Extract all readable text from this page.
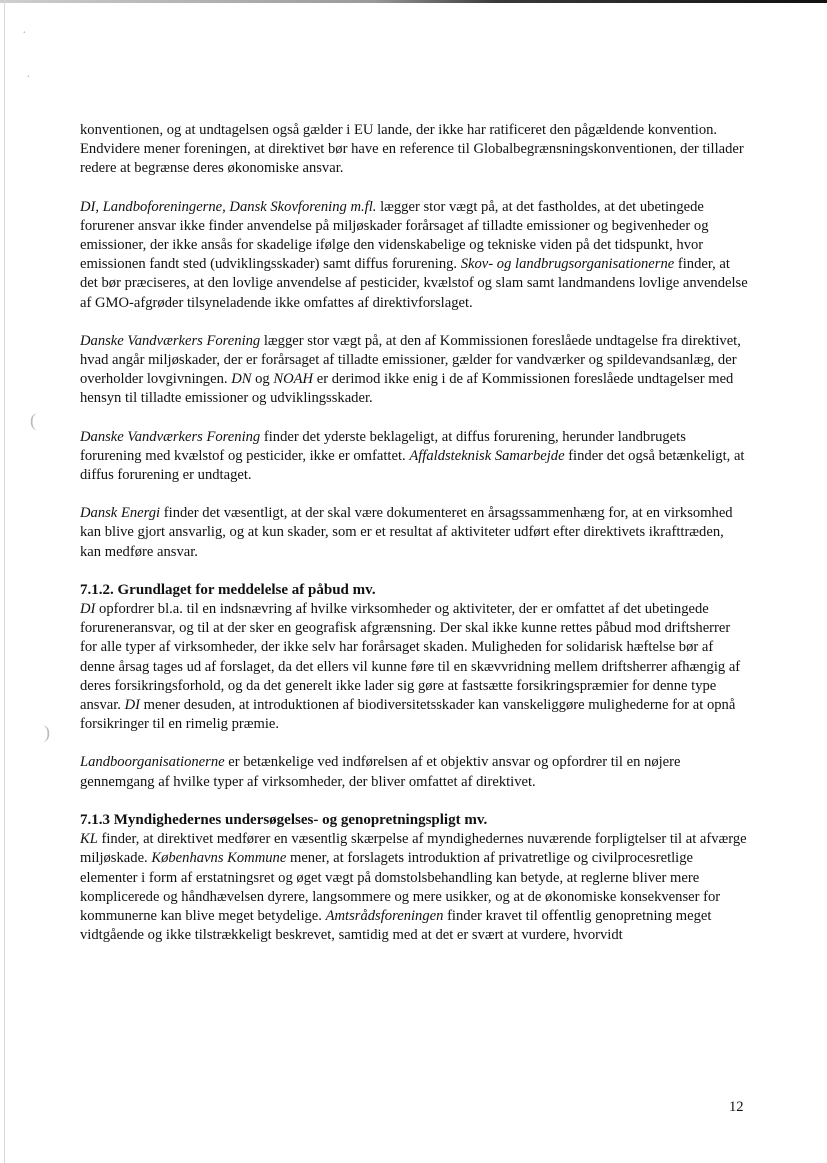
·
·
(
)

konventionen, og at undtagelsen også gælder i EU lande, der ikke har ratificeret den pågældende konvention. Endvidere mener foreningen, at direktivet bør have en reference til Globalbegrænsningskonventionen, der tillader redere at begrænse deres økonomiske ansvar.

DI, Landboforeningerne, Dansk Skovforening m.fl. lægger stor vægt på, at det fastholdes, at det ubetingede forurener ansvar ikke finder anvendelse på miljøskader forårsaget af tilladte emissioner og begivenheder og emissioner, der ikke ansås for skadelige ifølge den videnskabelige og tekniske viden på det tidspunkt, hvor emissionen fandt sted (udviklingsskader) samt diffus forurening. Skov- og landbrugsorganisationerne finder, at det bør præciseres, at den lovlige anvendelse af pesticider, kvælstof og slam samt landmandens lovlige anvendelse af GMO-afgrøder tilsyneladende ikke omfattes af direktivforslaget.

Danske Vandværkers Forening lægger stor vægt på, at den af Kommissionen foreslåede undtagelse fra direktivet, hvad angår miljøskader, der er forårsaget af tilladte emissioner, gælder for vandværker og spildevandsanlæg, der overholder lovgivningen. DN og NOAH er derimod ikke enig i de af Kommissionen foreslåede undtagelser med hensyn til tilladte emissioner og udviklingsskader.

Danske Vandværkers Forening finder det yderste beklageligt, at diffus forurening, herunder landbrugets forurening med kvælstof og pesticider, ikke er omfattet. Affaldsteknisk Samarbejde finder det også betænkeligt, at diffus forurening er undtaget.

Dansk Energi finder det væsentligt, at der skal være dokumenteret en årsagssammenhæng for, at en virksomhed kan blive gjort ansvarlig, og at kun skader, som er et resultat af aktiviteter udført efter direktivets ikrafttræden, kan medføre ansvar.

7.1.2. Grundlaget for meddelelse af påbud mv.

DI opfordrer bl.a. til en indsnævring af hvilke virksomheder og aktiviteter, der er omfattet af det ubetingede forureneransvar, og til at der sker en geografisk afgrænsning. Der skal ikke kunne rettes påbud mod driftsherrer for alle typer af virksomheder, der ikke selv har forårsaget skaden. Muligheden for solidarisk hæftelse bør af denne årsag tages ud af forslaget, da det ellers vil kunne føre til en skævvridning mellem driftsherrer afhængig af deres forsikringsforhold, og da det generelt ikke lader sig gøre at fastsætte forsikringspræmier for denne type ansvar. DI mener desuden, at introduktionen af biodiversitetsskader kan vanskeliggøre mulighederne for at opnå forsikringer til en rimelig præmie.

Landboorganisationerne er betænkelige ved indførelsen af et objektiv ansvar og opfordrer til en nøjere gennemgang af hvilke typer af virksomheder, der bliver omfattet af direktivet.

7.1.3 Myndighedernes undersøgelses- og genopretningspligt mv.

KL finder, at direktivet medfører en væsentlig skærpelse af myndighedernes nuværende forpligtelser til at afværge miljøskade. Københavns Kommune mener, at forslagets introduktion af privatretlige og civilprocesretlige elementer i form af erstatningsret og øget vægt på domstolsbehandling kan betyde, at reglerne bliver mere komplicerede og håndhævelsen dyrere, langsommere og mere usikker, og at de økonomiske konsekvenser for kommunerne kan blive meget betydelige. Amtsrådsforeningen finder kravet til offentlig genopretning meget vidtgående og ikke tilstrækkeligt beskrevet, samtidig med at det er svært at vurdere, hvorvidt

12
